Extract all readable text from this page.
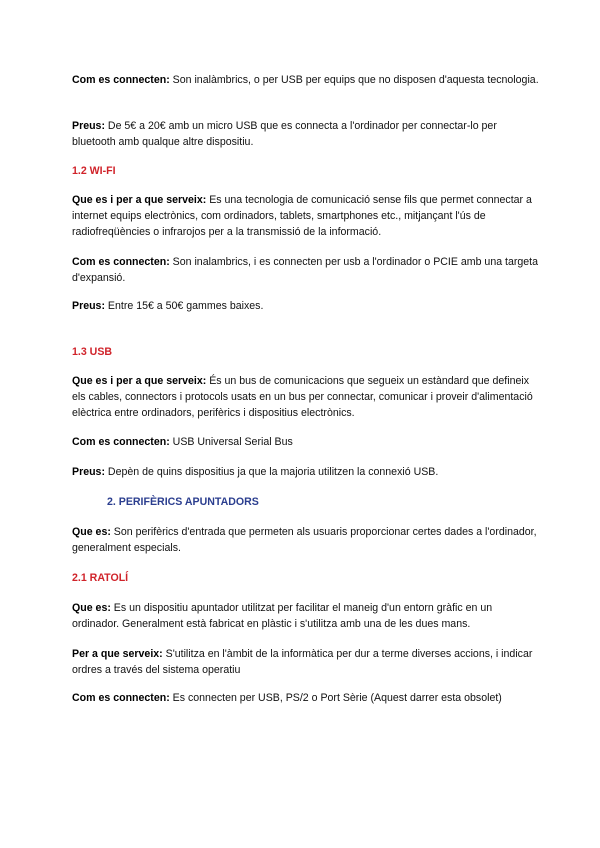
Com es connecten: Son inalàmbrics, o per USB per equips que no disposen d'aquesta tecnologia.

Preus: De 5€ a 20€ amb un micro USB que es connecta a l'ordinador per connectar-lo per bluetooth amb qualque altre dispositiu.

1.2 WI-FI

Que es i per a que serveix: Es una tecnologia de comunicació sense fils que permet connectar a internet equips electrònics, com ordinadors, tablets, smartphones etc., mitjançant l'ús de radiofreqüències o infrarojos per a la transmissió de la informació.

Com es connecten: Son inalambrics, i es connecten per usb a l'ordinador o PCIE amb una targeta d'expansió.

Preus: Entre 15€ a 50€ gammes baixes.

1.3 USB

Que es i per a que serveix: És un bus de comunicacions que segueix un estàndard que defineix els cables, connectors i protocols usats en un bus per connectar, comunicar i proveir d'alimentació elèctrica entre ordinadors, perifèrics i dispositius electrònics.

Com es connecten: USB Universal Serial Bus

Preus: Depèn de quins dispositius ja que la majoria utilitzen la connexió USB.

2. PERIFÈRICS APUNTADORS

Que es: Son perifèrics d'entrada que permeten als usuaris proporcionar certes dades a l'ordinador, generalment especials.

2.1 RATOLÍ

Que es: Es un dispositiu apuntador utilitzat per facilitar el maneig d'un entorn gràfic en un ordinador. Generalment està fabricat en plàstic i s'utilitza amb una de les dues mans.

Per a que serveix: S'utilitza en l'àmbit de la informàtica per dur a terme diverses accions, i indicar ordres a través del sistema operatiu

Com es connecten: Es connecten per USB, PS/2 o Port Sèrie (Aquest darrer esta obsolet)
